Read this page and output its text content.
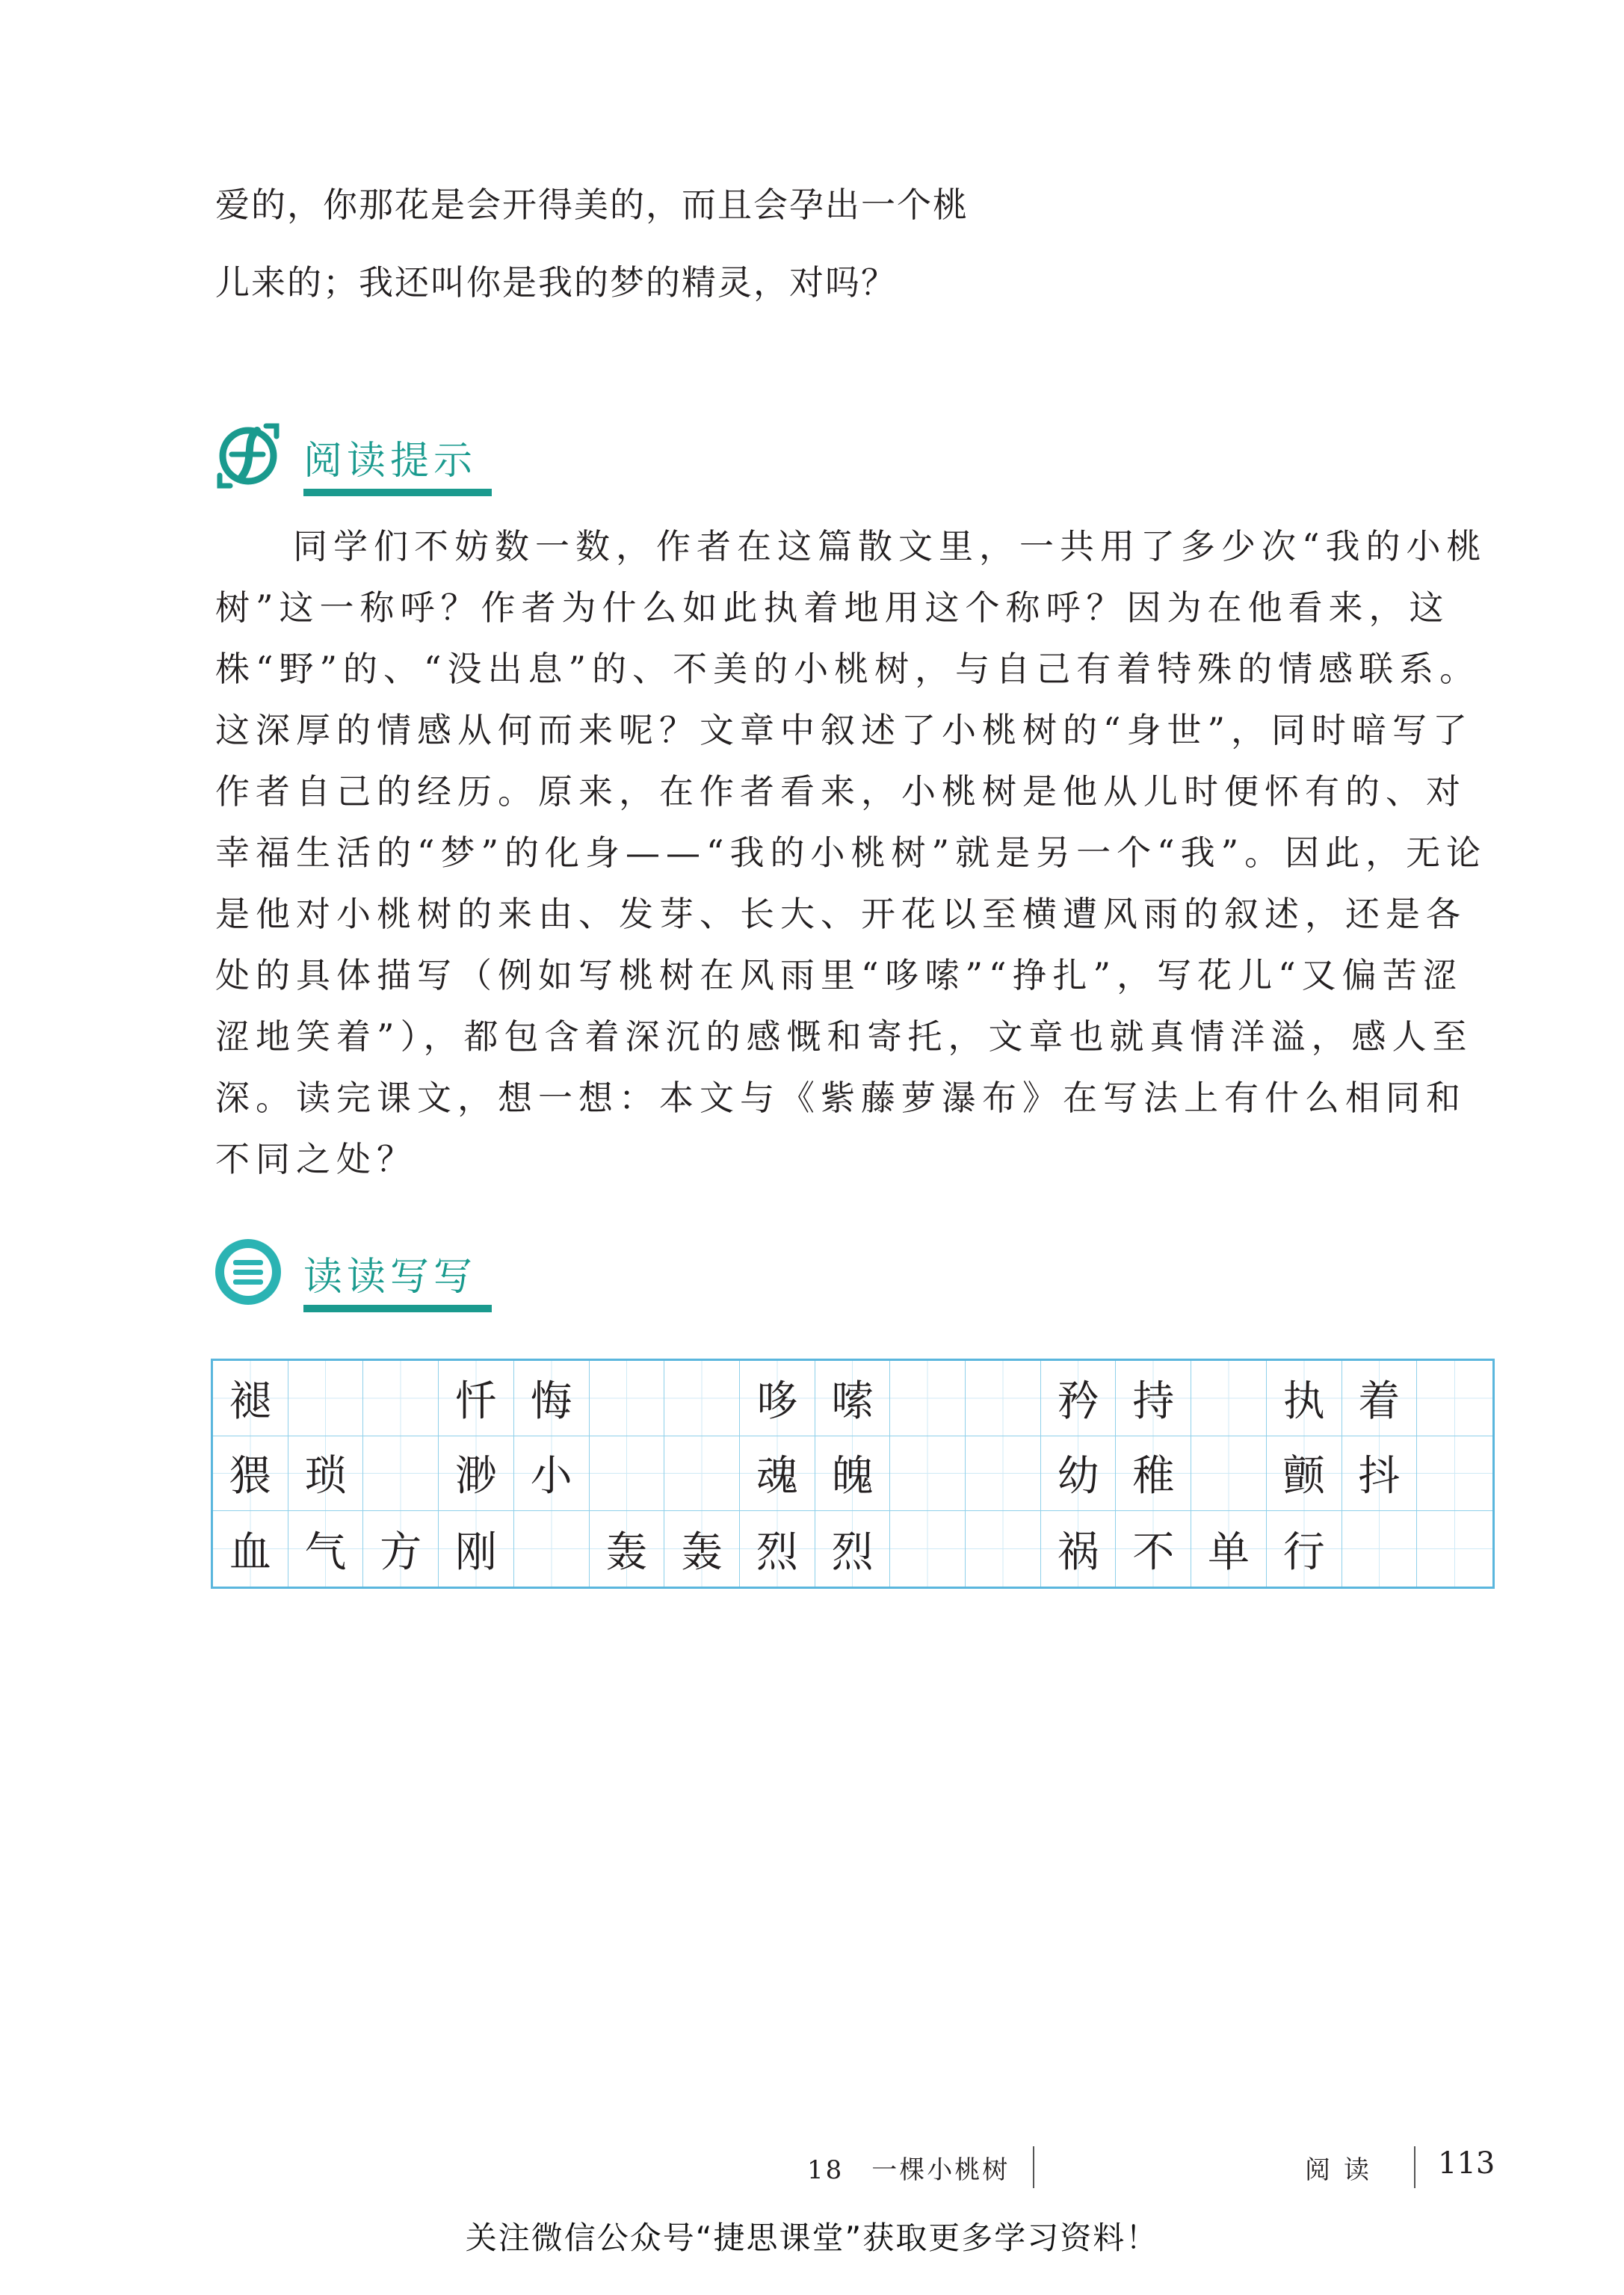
爱的，你那花是会开得美的，而且会孕出一个桃

儿来的；我还叫你是我的梦的精灵，对吗？

阅读提示

同学们不妨数一数，作者在这篇散文里，一共用了多少次“我的小桃树”这一称呼？作者为什么如此执着地用这个称呼？因为在他看来，这株“野”的、“没出息”的、不美的小桃树，与自己有着特殊的情感联系。这深厚的情感从何而来呢？文章中叙述了小桃树的“身世”，同时暗写了作者自己的经历。原来，在作者看来，小桃树是他从儿时便怀有的、对幸福生活的“梦”的化身——“我的小桃树”就是另一个“我”。因此，无论是他对小桃树的来由、发芽、长大、开花以至横遭风雨的叙述，还是各处的具体描写（例如写桃树在风雨里“哆嗦”“挣扎”，写花儿“又偏苦涩涩地笑着”），都包含着深沉的感慨和寄托，文章也就真情洋溢，感人至深。读完课文，想一想：本文与《紫藤萝瀑布》在写法上有什么相同和不同之处？

读读写写
褪	忏 悔	哆 嗦	矜 持	执 着
猥 琐	渺 小	魂 魄	幼 稚	颤 抖
血 气 方 刚	轰 轰 烈 烈	祸 不 单 行
18　一棵小桃树	阅读 113
关注微信公众号“捷思课堂”获取更多学习资料！
